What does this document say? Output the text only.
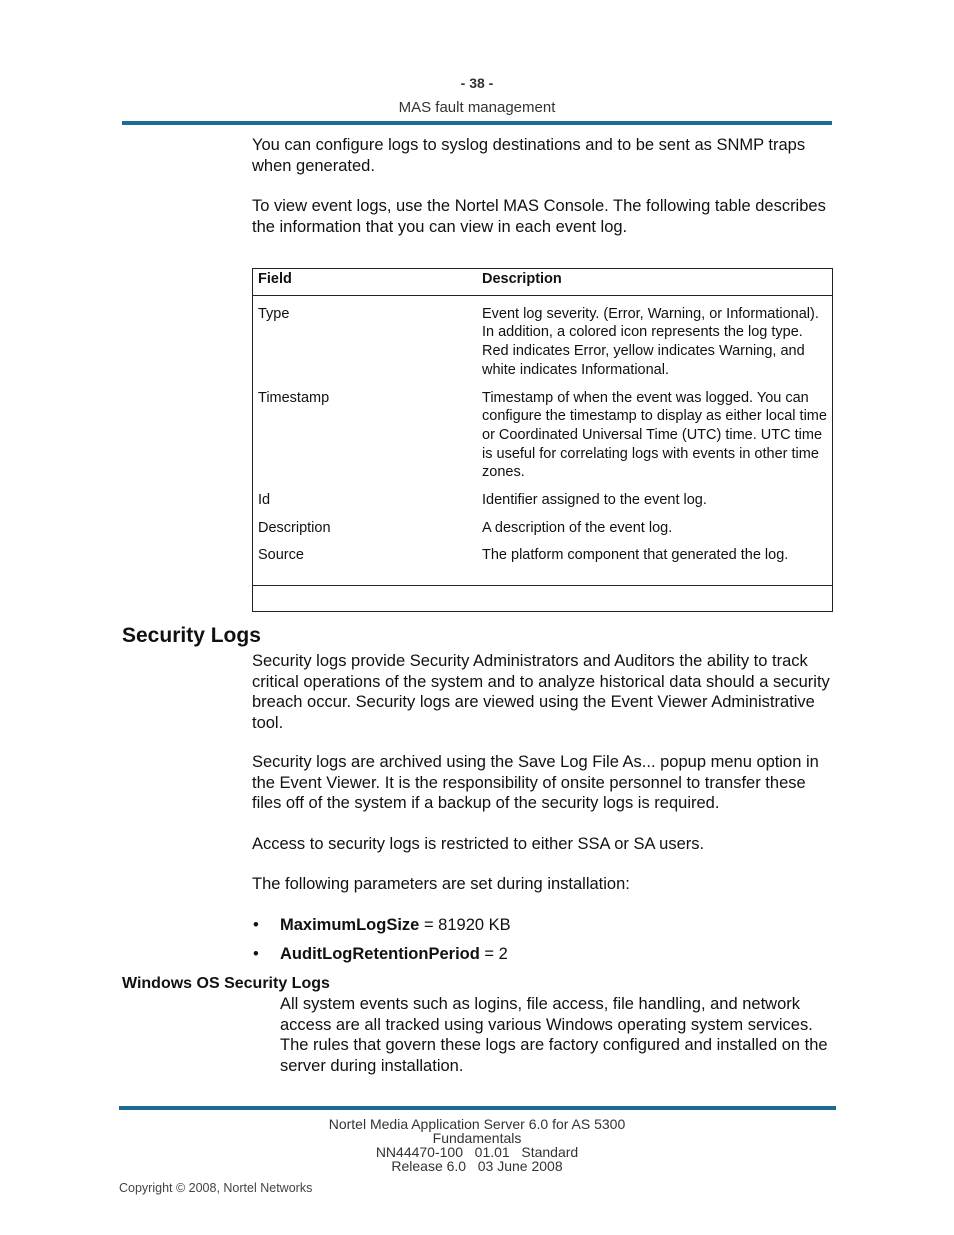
- 38 -
MAS fault management
You can configure logs to syslog destinations and to be sent as SNMP traps when generated.
To view event logs, use the Nortel MAS Console. The following table describes the information that you can view in each event log.
Field	Description
Type	Event log severity. (Error, Warning, or Informational). In addition, a colored icon represents the log type. Red indicates Error, yellow indicates Warning, and white indicates Informational.
Timestamp	Timestamp of when the event was logged. You can configure the timestamp to display as either local time or Coordinated Universal Time (UTC) time. UTC time is useful for correlating logs with events in other time zones.
Id	Identifier assigned to the event log.
Description	A description of the event log.
Source	The platform component that generated the log.
Security Logs
Security logs provide Security Administrators and Auditors the ability to track critical operations of the system and to analyze historical data should a security breach occur. Security logs are viewed using the Event Viewer Administrative tool.
Security logs are archived using the Save Log File As... popup menu option in the Event Viewer. It is the responsibility of onsite personnel to transfer these files off of the system if a backup of the security logs is required.
Access to security logs is restricted to either SSA or SA users.
The following parameters are set during installation:
• MaximumLogSize = 81920 KB
• AuditLogRetentionPeriod = 2
Windows OS Security Logs
All system events such as logins, file access, file handling, and network access are all tracked using various Windows operating system services. The rules that govern these logs are factory configured and installed on the server during installation.
Nortel Media Application Server 6.0 for AS 5300
Fundamentals
NN44470-100   01.01   Standard
Release 6.0   03 June 2008
Copyright © 2008, Nortel Networks
